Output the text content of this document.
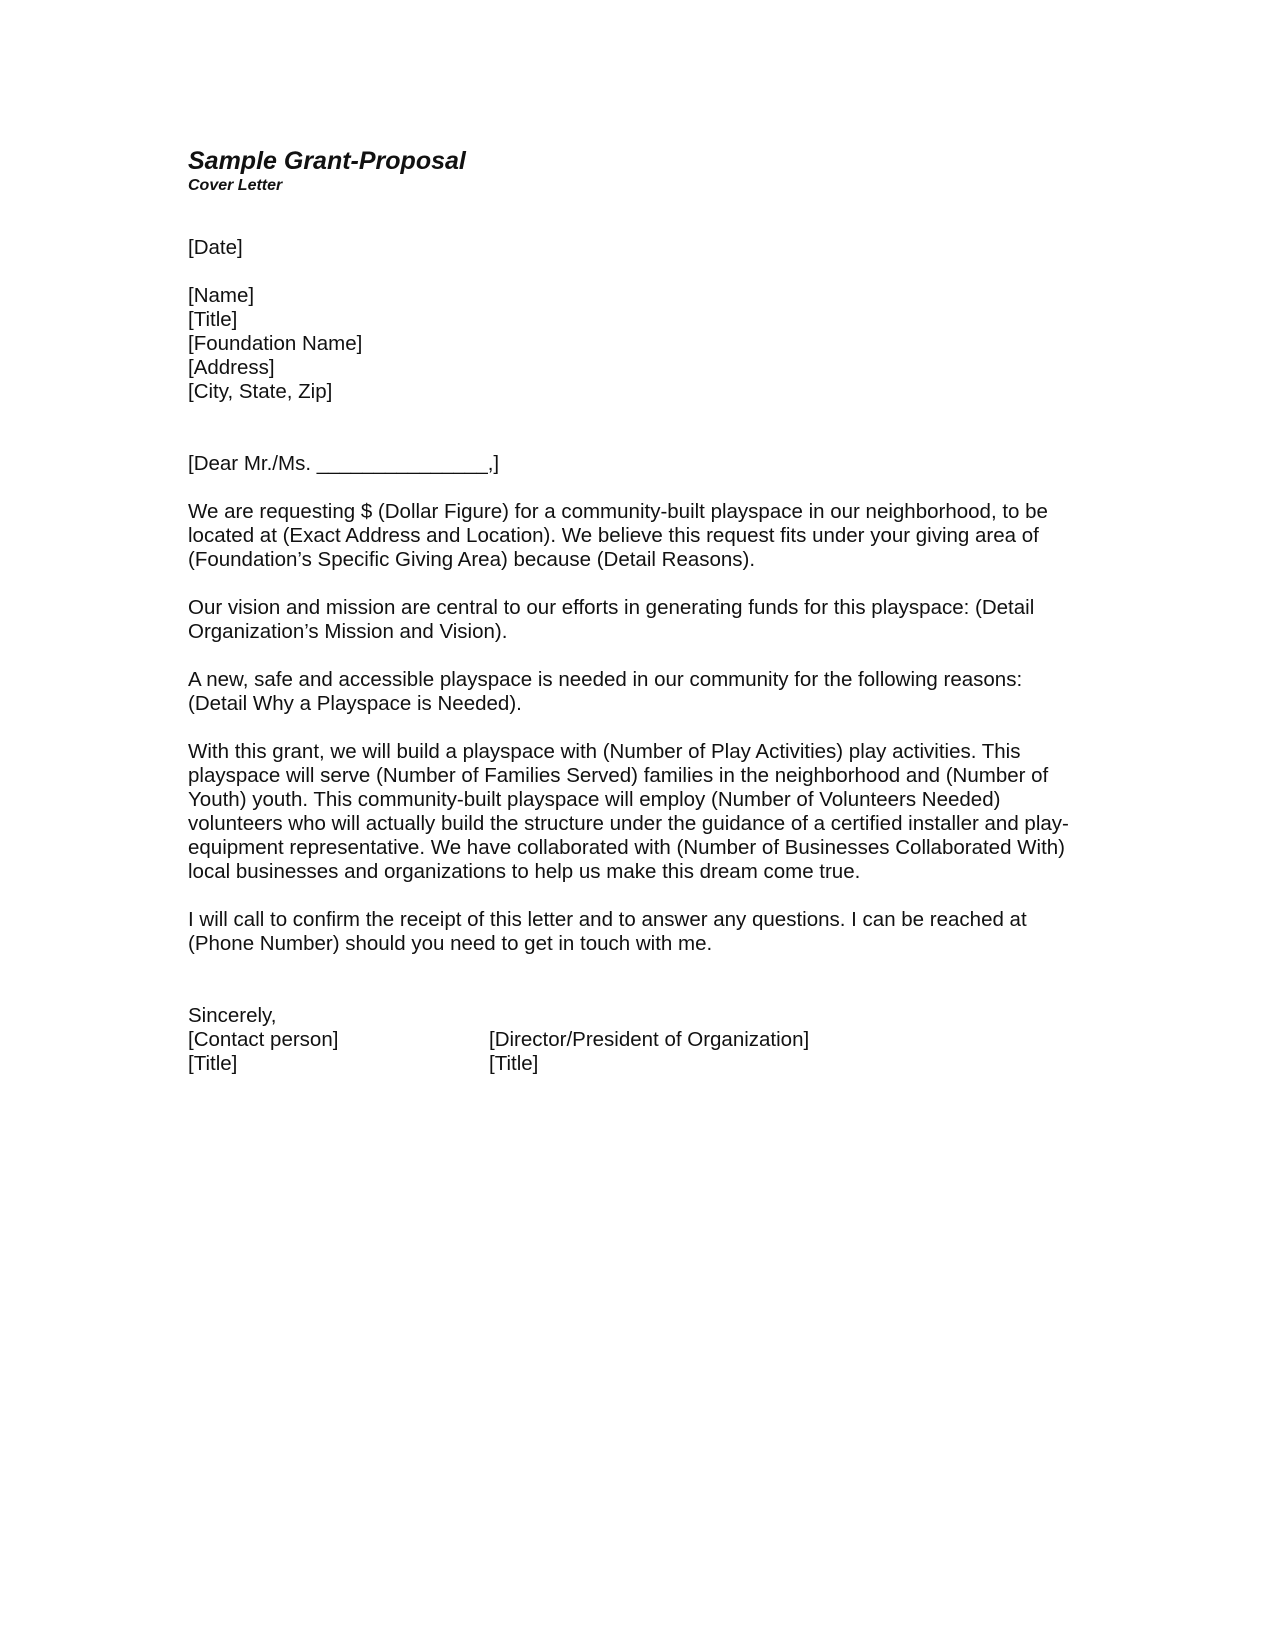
Sample Grant-Proposal
Cover Letter
[Date]
[Name]
[Title]
[Foundation Name]
[Address]
[City, State, Zip]
[Dear Mr./Ms. _______________,]
We are requesting $ (Dollar Figure) for a community-built playspace in our neighborhood, to be
located at (Exact Address and Location). We believe this request fits under your giving area of
(Foundation’s Specific Giving Area) because (Detail Reasons).
Our vision and mission are central to our efforts in generating funds for this playspace: (Detail
Organization’s Mission and Vision).
A new, safe and accessible playspace is needed in our community for the following reasons:
(Detail Why a Playspace is Needed).
With this grant, we will build a playspace with (Number of Play Activities) play activities. This
playspace will serve (Number of Families Served) families in the neighborhood and (Number of
Youth) youth. This community-built playspace will employ (Number of Volunteers Needed)
volunteers who will actually build the structure under the guidance of a certified installer and play-
equipment representative. We have collaborated with (Number of Businesses Collaborated With)
local businesses and organizations to help us make this dream come true.
I will call to confirm the receipt of this letter and to answer any questions. I can be reached at
(Phone Number) should you need to get in touch with me.
Sincerely,
[Contact person]	[Director/President of Organization]
[Title]	[Title]
